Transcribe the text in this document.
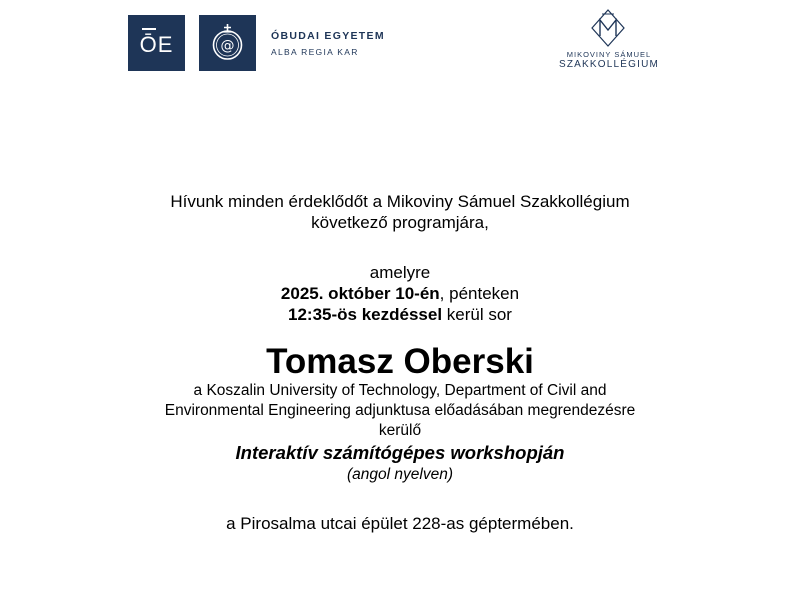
ŌE	@
ÓBUDAI EGYETEM
ALBA REGIA KAR	MIKOVINY SÁMUEL
SZAKKOLLÉGIUM
Hívunk minden érdeklődőt a Mikoviny Sámuel Szakkollégium
következő programjára,
amelyre
2025. október 10-én, pénteken
12:35-ös kezdéssel kerül sor
Tomasz Oberski
a Koszalin University of Technology, Department of Civil and
Environmental Engineering adjunktusa előadásában megrendezésre
kerülő
Interaktív számítógépes workshopján
(angol nyelven)
a Pirosalma utcai épület 228-as géptermében.
